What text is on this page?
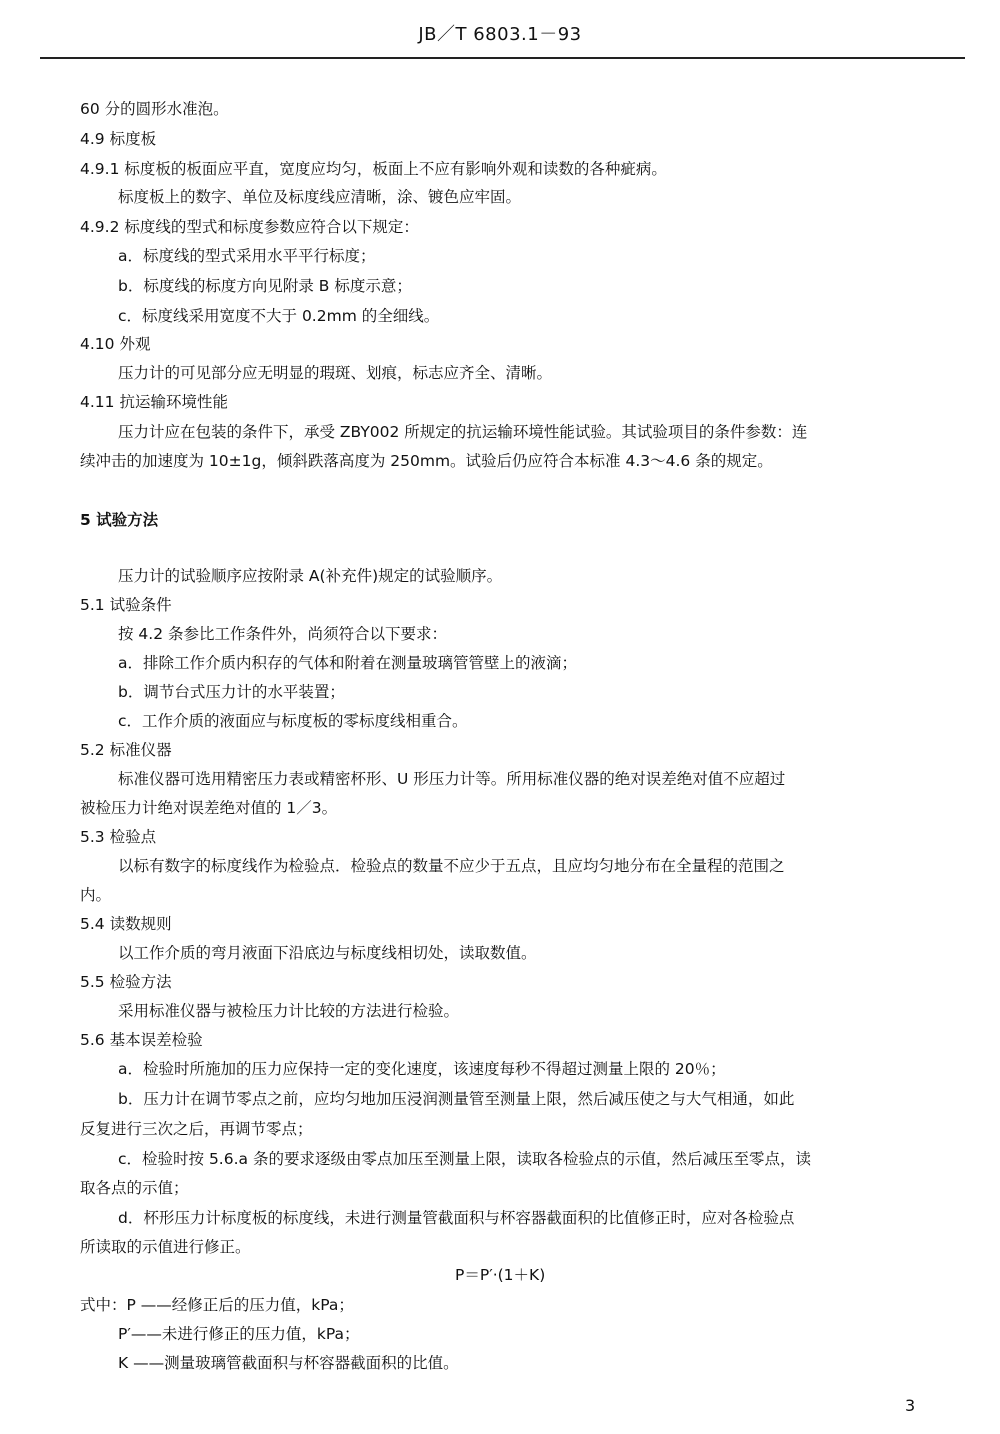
JB／T 6803.1－93
60 分的圆形水准泡。
4.9 标度板
4.9.1 标度板的板面应平直，宽度应均匀，板面上不应有影响外观和读数的各种疵病。
标度板上的数字、单位及标度线应清晰，涂、镀色应牢固。
4.9.2 标度线的型式和标度参数应符合以下规定：
a．标度线的型式采用水平平行标度；
b．标度线的标度方向见附录 B 标度示意；
c．标度线采用宽度不大于 0.2mm 的全细线。
4.10 外观
压力计的可见部分应无明显的瑕斑、划痕，标志应齐全、清晰。
4.11 抗运输环境性能
压力计应在包装的条件下，承受 ZBY002 所规定的抗运输环境性能试验。其试验项目的条件参数：连
续冲击的加速度为 10±1g，倾斜跌落高度为 250mm。试验后仍应符合本标准 4.3～4.6 条的规定。
5 试验方法
压力计的试验顺序应按附录 A(补充件)规定的试验顺序。
5.1 试验条件
按 4.2 条参比工作条件外，尚须符合以下要求：
a．排除工作介质内积存的气体和附着在测量玻璃管管壁上的液滴；
b．调节台式压力计的水平装置；
c．工作介质的液面应与标度板的零标度线相重合。
5.2 标准仪器
标准仪器可选用精密压力表或精密杯形、U 形压力计等。所用标准仪器的绝对误差绝对值不应超过
被检压力计绝对误差绝对值的 1／3。
5.3 检验点
以标有数字的标度线作为检验点．检验点的数量不应少于五点，且应均匀地分布在全量程的范围之
内。
5.4 读数规则
以工作介质的弯月液面下沿底边与标度线相切处，读取数值。
5.5 检验方法
采用标准仪器与被检压力计比较的方法进行检验。
5.6 基本误差检验
a．检验时所施加的压力应保持一定的变化速度，该速度每秒不得超过测量上限的 20％；
b．压力计在调节零点之前，应均匀地加压浸润测量管至测量上限，然后减压使之与大气相通，如此
反复进行三次之后，再调节零点；
c．检验时按 5.6.a 条的要求逐级由零点加压至测量上限，读取各检验点的示值，然后减压至零点，读
取各点的示值；
d．杯形压力计标度板的标度线，未进行测量管截面积与杯容器截面积的比值修正时，应对各检验点
所读取的示值进行修正。
P＝P′·(1＋K)
式中：P ——经修正后的压力值，kPa；
P′——未进行修正的压力值，kPa；
K ——测量玻璃管截面积与杯容器截面积的比值。
3
